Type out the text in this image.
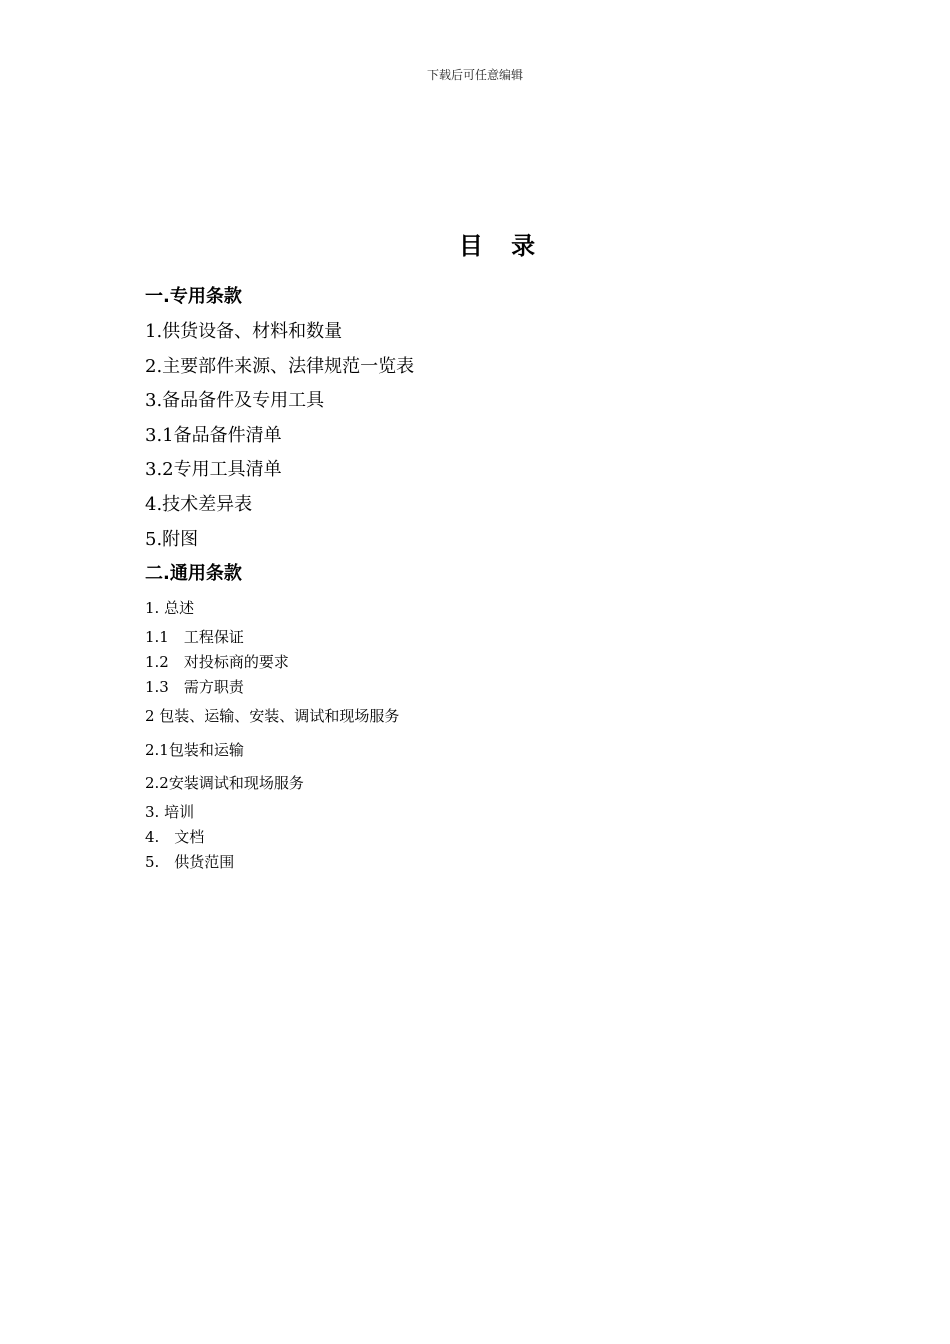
下载后可任意编辑
目 录
一.专用条款
1.供货设备、材料和数量
2.主要部件来源、法律规范一览表
3.备品备件及专用工具
3.1备品备件清单
3.2专用工具清单
4.技术差异表
5.附图
二.通用条款
1. 总述
1.1　工程保证
1.2　对投标商的要求
1.3　需方职责
2 包装、运输、安装、调试和现场服务
2.1包装和运输
2.2安装调试和现场服务
3. 培训
4.　文档
5.　供货范围
